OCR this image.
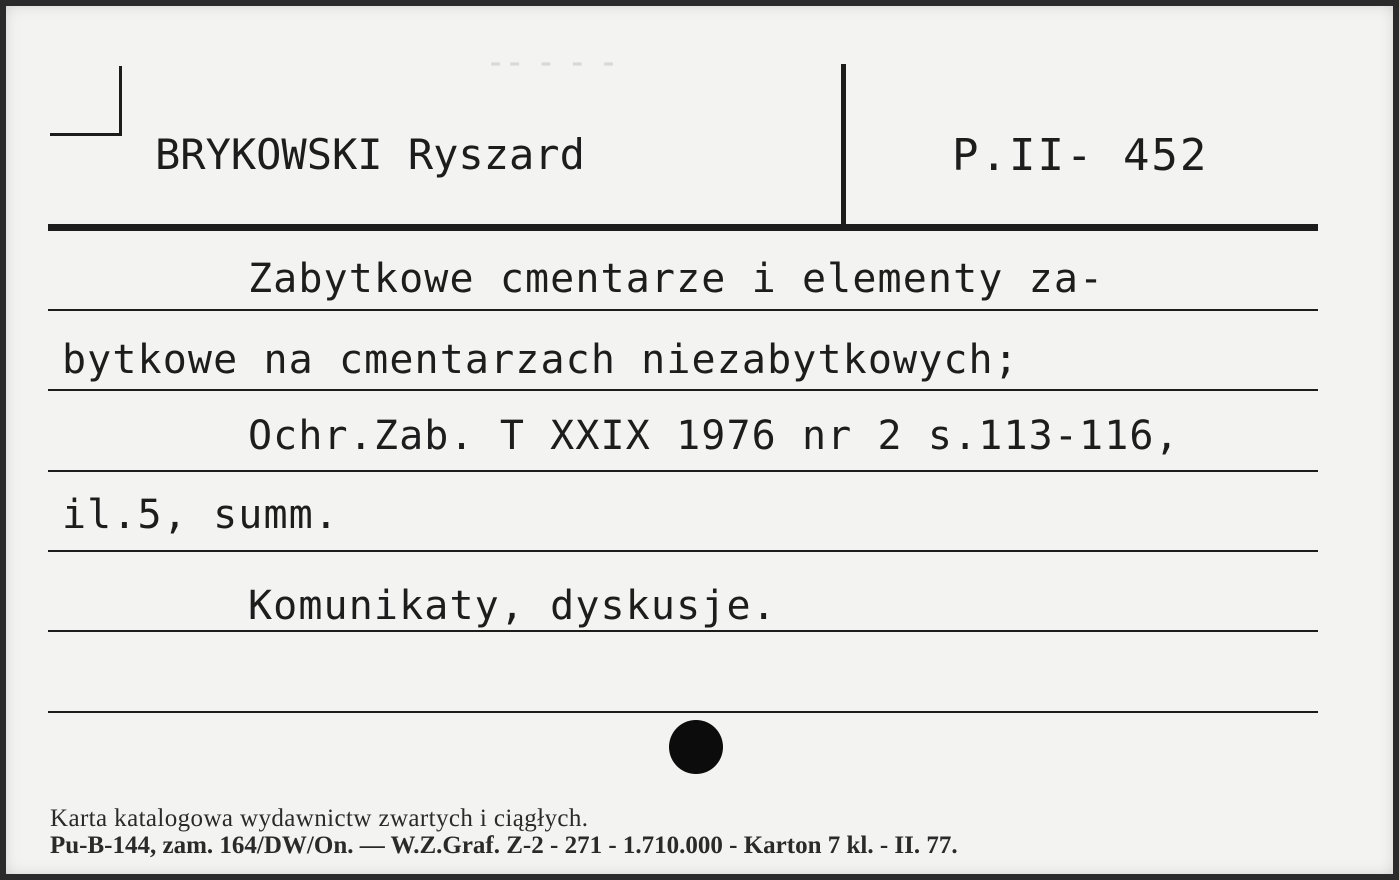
⁃⁃ ⁃ ⁃ ⁃
BRYKOWSKI Ryszard	P.II- 452
Zabytkowe cmentarze i elementy za-
bytkowe na cmentarzach niezabytkowych;
Ochr.Zab. T XXIX 1976 nr 2 s.113-116,
il.5, summ.
Komunikaty, dyskusje.
Karta katalogowa wydawnictw zwartych i ciągłych.
Pu-B-144, zam. 164/DW/On. — W.Z.Graf. Z-2 - 271 - 1.710.000 - Karton 7 kl. - II. 77.
